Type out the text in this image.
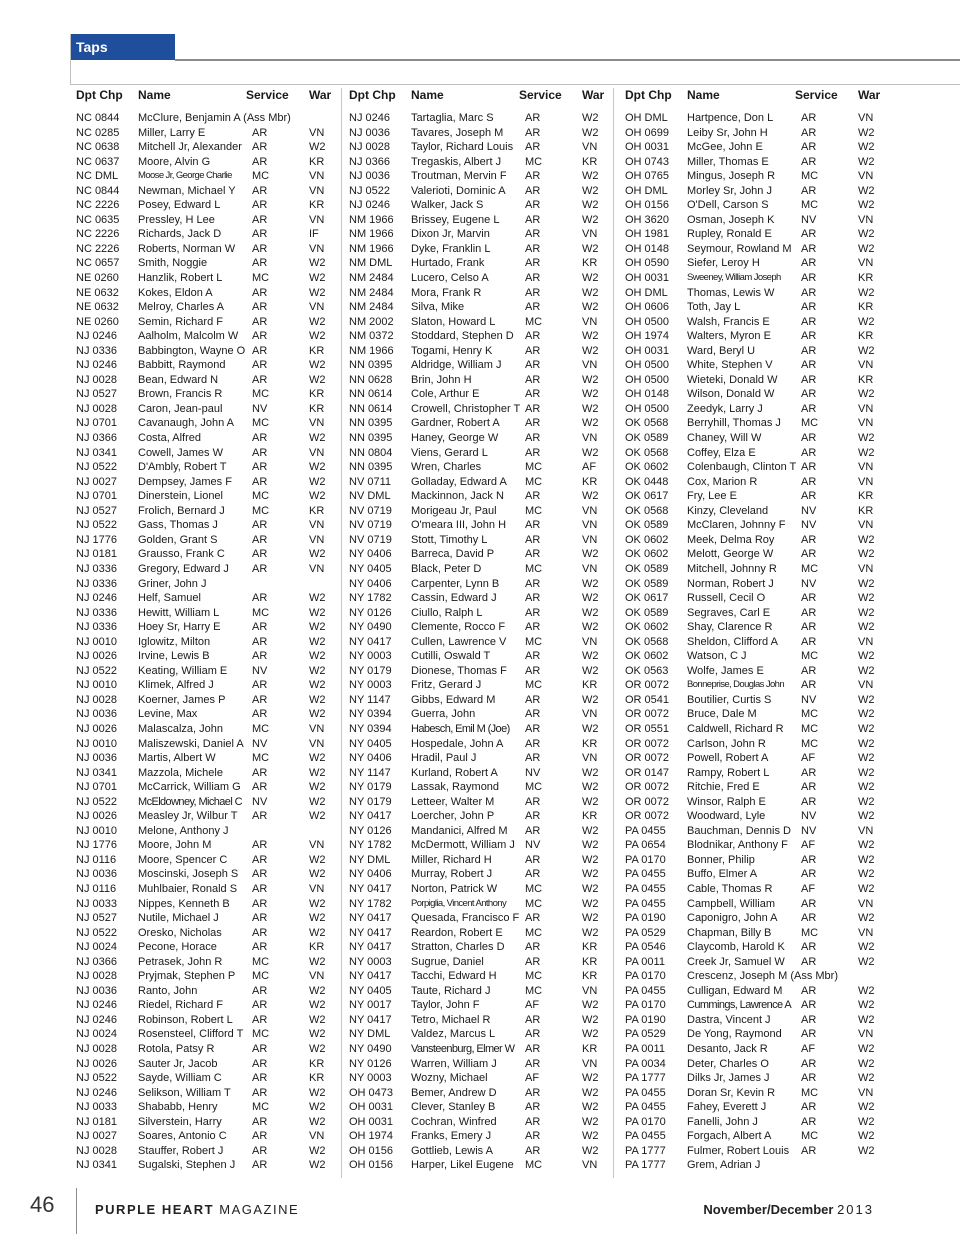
Taps
Dpt Chp Name	Service War
NC 0844 McClure, Benjamin A (Ass Mbr)
NC 0285 Miller, Larry E	AR	VN
NC 0638 Mitchell Jr, Alexander AR	W2
NC 0637 Moore, Alvin G	AR	KR
NC DML Moose Jr, George Charlie MC	VN
NC 0844 Newman, Michael Y AR	VN
NC 2226 Posey, Edward L	AR	KR
NC 0635 Pressley, H Lee	AR	VN
NC 2226 Richards, Jack D	AR	IF
NC 2226 Roberts, Norman W AR	VN
NC 0657 Smith, Noggie	AR	W2
NE 0260 Hanzlik, Robert L	MC	W2
NE 0632 Kokes, Eldon A	AR	W2
NE 0632 Melroy, Charles A	AR	VN
NE 0260 Semin, Richard F	AR	W2
NJ 0246 Aalholm, Malcolm W AR	W2
NJ 0336 Babbington, Wayne O AR	KR
NJ 0246 Babbitt, Raymond AR	W2
NJ 0028 Bean, Edward N	AR	W2
NJ 0527 Brown, Francis R	MC	KR
NJ 0028 Caron, Jean-paul	NV	KR
NJ 0701 Cavanaugh, John A MC	VN
NJ 0366 Costa, Alfred	AR	W2
NJ 0341 Cowell, James W	AR	VN
NJ 0522 D'Ambly, Robert T AR	W2
NJ 0027 Dempsey, James F AR	W2
NJ 0701 Dinerstein, Lionel	MC	W2
NJ 0527 Frolich, Bernard J MC	KR
NJ 0522 Gass, Thomas J	AR	VN
NJ 1776 Golden, Grant S	AR	VN
NJ 0181 Grausso, Frank C AR	W2
NJ 0336 Gregory, Edward J AR	VN
NJ 0336 Griner, John J
NJ 0246 Helf, Samuel	AR	W2
NJ 0336 Hewitt, William L	MC	W2
NJ 0336 Hoey Sr, Harry E	AR	W2
NJ 0010 Iglowitz, Milton	AR	W2
NJ 0026 Irvine, Lewis B	AR	W2
NJ 0522 Keating, William E NV	W2
NJ 0010 Klimek, Alfred J	AR	W2
NJ 0028 Koerner, James P AR	W2
NJ 0036 Levine, Max	AR	W2
NJ 0026 Malascalza, John	MC	VN
NJ 0010 Maliszewski, Daniel A NV	VN
NJ 0036 Martis, Albert W	MC	W2
NJ 0341 Mazzola, Michele	AR	W2
NJ 0701 McCarrick, William G AR	W2
NJ 0522 McEldowney, Michael C NV	W2
NJ 0026 Measley Jr, Wilbur T AR	W2
NJ 0010 Melone, Anthony J
NJ 1776 Moore, John M	AR	VN
NJ 0116 Moore, Spencer C AR	W2
NJ 0036 Moscinski, Joseph S AR	W2
NJ 0116 Muhlbaier, Ronald S AR	VN
NJ 0033 Nippes, Kenneth B AR	W2
NJ 0527 Nutile, Michael J	AR	W2
NJ 0522 Oresko, Nicholas	AR	W2
NJ 0024 Pecone, Horace	AR	KR
NJ 0366 Petrasek, John R	MC	W2
NJ 0028 Pryjmak, Stephen P MC	VN
NJ 0036 Ranto, John	AR	W2
NJ 0246 Riedel, Richard F	AR	W2
NJ 0246 Robinson, Robert L AR	W2
NJ 0024 Rosensteel, Clifford T MC	W2
NJ 0028 Rotola, Patsy R	AR	W2
NJ 0026 Sauter Jr, Jacob	AR	KR
NJ 0522 Sayde, William C	AR	KR
NJ 0246 Selikson, William T AR	W2
NJ 0033 Shababb, Henry	MC	W2
NJ 0181 Silverstein, Harry	AR	W2
NJ 0027 Soares, Antonio C AR	VN
NJ 0028 Stauffer, Robert J	AR	W2
NJ 0341 Sugalski, Stephen J AR	W2
Dpt Chp Name	Service War
NJ 0246 Tartaglia, Marc S	AR	W2
NJ 0036 Tavares, Joseph M AR	W2
NJ 0028 Taylor, Richard Louis AR	VN
NJ 0366 Tregaskis, Albert J MC	KR
NJ 0036 Troutman, Mervin F AR	W2
NJ 0522 Valerioti, Dominic A AR	W2
NJ 0246 Walker, Jack S	AR	W2
NM 1966 Brissey, Eugene L AR	W2
NM 1966 Dixon Jr, Marvin	AR	VN
NM 1966 Dyke, Franklin L	AR	W2
NM DML Hurtado, Frank	AR	KR
NM 2484 Lucero, Celso A	AR	W2
NM 2484 Mora, Frank R	AR	W2
NM 2484 Silva, Mike	AR	W2
NM 2002 Slaton, Howard L	MC	VN
NM 0372 Stoddard, Stephen D AR	W2
NM 1966 Togami, Henry K	AR	W2
NN 0395 Aldridge, William J AR	VN
NN 0628 Brin, John H	AR	W2
NN 0614 Cole, Arthur E	AR	W2
NN 0614 Crowell, Christopher T AR	W2
NN 0395 Gardner, Robert A AR	W2
NN 0395 Haney, George W AR	VN
NN 0804 Viens, Gerard L	AR	W2
NN 0395 Wren, Charles	MC	AF
NV 0711 Golladay, Edward A MC	KR
NV DML Mackinnon, Jack N AR	W2
NV 0719 Morigeau Jr, Paul	MC	VN
NV 0719 O'meara III, John H AR	VN
NV 0719 Stott, Timothy L	AR	VN
NY 0406 Barreca, David P	AR	W2
NY 0405 Black, Peter D	MC	VN
NY 0406 Carpenter, Lynn B AR	W2
NY 1782 Cassin, Edward J	AR	W2
NY 0126 Ciullo, Ralph L	AR	W2
NY 0490 Clemente, Rocco F AR	W2
NY 0417 Cullen, Lawrence V MC	VN
NY 0003 Cutilli, Oswald T	AR	W2
NY 0179 Dionese, Thomas F AR	W2
NY 0003 Fritz, Gerard J	MC	KR
NY 1147 Gibbs, Edward M	AR	W2
NY 0394 Guerra, John	AR	VN
NY 0394 Habesch, Emil M (Joe) AR	W2
NY 0405 Hospedale, John A AR	KR
NY 0406 Hradil, Paul J	AR	VN
NY 1147 Kurland, Robert A NV	W2
NY 0179 Lassak, Raymond MC	W2
NY 0179 Letteer, Walter M	AR	W2
NY 0417 Loercher, John P	AR	KR
NY 0126 Mandanici, Alfred M AR	W2
NY 1782 McDermott, William J NV	W2
NY DML Miller, Richard H	AR	W2
NY 0406 Murray, Robert J	AR	W2
NY 0417 Norton, Patrick W	MC	W2
NY 1782 Porpiglia, Vincent Anthony MC	W2
NY 0417 Quesada, Francisco F AR	W2
NY 0417 Reardon, Robert E MC	W2
NY 0417 Stratton, Charles D AR	KR
NY 0003 Sugrue, Daniel	AR	KR
NY 0417 Tacchi, Edward H	MC	KR
NY 0405 Taute, Richard J	MC	VN
NY 0017 Taylor, John F	AF	W2
NY 0417 Tetro, Michael R	AR	W2
NY DML Valdez, Marcus L	AR	W2
NY 0490 Vansteenburg, Elmer W AR	KR
NY 0126 Warren, William J	AR	VN
NY 0003 Wozny, Michael	AF	W2
OH 0473 Bemer, Andrew D	AR	W2
OH 0031 Clever, Stanley B	AR	W2
OH 0031 Cochran, Winfred	AR	W2
OH 1974 Franks, Emery J	AR	W2
OH 0156 Gottlieb, Lewis A	AR	W2
OH 0156 Harper, Likel Eugene MC	VN
Dpt Chp Name	Service War
OH DML Hartpence, Don L	AR	VN
OH 0699 Leiby Sr, John H	AR	W2
OH 0031 McGee, John E	AR	W2
OH 0743 Miller, Thomas E	AR	W2
OH 0765 Mingus, Joseph R MC	VN
OH DML Morley Sr, John J	AR	W2
OH 0156 O'Dell, Carson S	MC	W2
OH 3620 Osman, Joseph K NV	VN
OH 1981 Rupley, Ronald E	AR	W2
OH 0148 Seymour, Rowland M AR	W2
OH 0590 Siefer, Leroy H	AR	VN
OH 0031 Sweeney, William Joseph AR	KR
OH DML Thomas, Lewis W AR	W2
OH 0606 Toth, Jay L	AR	KR
OH 0500 Walsh, Francis E	AR	W2
OH 1974 Walters, Myron E	AR	KR
OH 0031 Ward, Beryl U	AR	W2
OH 0500 White, Stephen V	AR	VN
OH 0500 Wieteki, Donald W AR	KR
OH 0148 Wilson, Donald W AR	W2
OH 0500 Zeedyk, Larry J	AR	VN
OK 0568 Berryhill, Thomas J MC	VN
OK 0589 Chaney, Will W	AR	W2
OK 0568 Coffey, Elza E	AR	W2
OK 0602 Colenbaugh, Clinton T AR	VN
OK 0448 Cox, Marion R	AR	VN
OK 0617 Fry, Lee E	AR	KR
OK 0568 Kinzy, Cleveland	NV	KR
OK 0589 McClaren, Johnny F NV	VN
OK 0602 Meek, Delma Roy AR	W2
OK 0602 Melott, George W	AR	W2
OK 0589 Mitchell, Johnny R MC	VN
OK 0589 Norman, Robert J NV	W2
OK 0617 Russell, Cecil O	AR	W2
OK 0589 Segraves, Carl E	AR	W2
OK 0602 Shay, Clarence R	AR	W2
OK 0568 Sheldon, Clifford A AR	VN
OK 0602 Watson, C J	MC	W2
OK 0563 Wolfe, James E	AR	W2
OR 0072 Bonneprise, Douglas John AR	VN
OR 0541 Boutilier, Curtis S	NV	W2
OR 0072 Bruce, Dale M	MC	W2
OR 0551 Caldwell, Richard R MC	W2
OR 0072 Carlson, John R	MC	W2
OR 0072 Powell, Robert A	AF	W2
OR 0147 Rampy, Robert L	AR	W2
OR 0072 Ritchie, Fred E	AR	W2
OR 0072 Winsor, Ralph E	AR	W2
OR 0072 Woodward, Lyle	NV	W2
PA 0455 Bauchman, Dennis D NV	VN
PA 0654 Blodnikar, Anthony F AF	W2
PA 0170 Bonner, Philip	AR	W2
PA 0455 Buffo, Elmer A	AR	W2
PA 0455 Cable, Thomas R	AF	W2
PA 0455 Campbell, William AR	VN
PA 0190 Caponigro, John A AR	W2
PA 0529 Chapman, Billy B	MC	VN
PA 0546 Claycomb, Harold K AR	W2
PA 0011 Creek Jr, Samuel W AR	W2
PA 0170 Crescenz, Joseph M (Ass Mbr)
PA 0455 Culligan, Edward M AR	W2
PA 0170 Cummings, Lawrence A AR	W2
PA 0190 Dastra, Vincent J	AR	W2
PA 0529 De Yong, Raymond AR	VN
PA 0011 Desanto, Jack R	AF	W2
PA 0034 Deter, Charles O	AR	W2
PA 1777 Dilks Jr, James J	AR	W2
PA 0455 Doran Sr, Kevin R MC	VN
PA 0455 Fahey, Everett J	AR	W2
PA 0170 Fanelli, John J	AR	W2
PA 0455 Forgach, Albert A	MC	W2
PA 1777 Fulmer, Robert Louis AR	W2
PA 1777 Grem, Adrian J
46	PURPLE HEART MAGAZINE	November/December 2013
